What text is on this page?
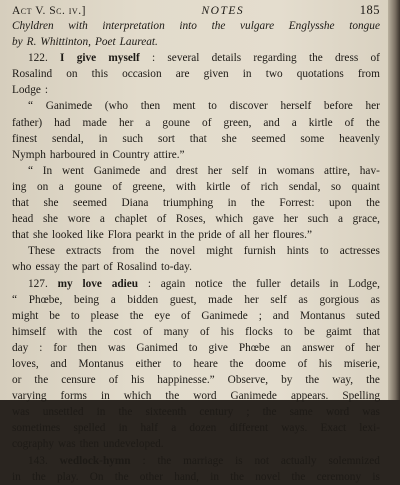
Act V. Sc. iv.]	NOTES	185
Chyldren with interpretation into the vulgare Englysshe tongue
by R. Whittinton, Poet Laureat.
122. I give myself : several details regarding the dress of
Rosalind on this occasion are given in two quotations from
Lodge :
“ Ganimede (who then ment to discover herself before her
father) had made her a goune of green, and a kirtle of the
finest sendal, in such sort that she seemed some heavenly
Nymph harboured in Country attire.”
“ In went Ganimede and drest her self in womans attire, hav-
ing on a goune of greene, with kirtle of rich sendal, so quaint
that she seemed Diana triumphing in the Forrest: upon the
head she wore a chaplet of Roses, which gave her such a grace,
that she looked like Flora pearkt in the pride of all her floures.”
These extracts from the novel might furnish hints to actresses
who essay the part of Rosalind to-day.
127. my love adieu : again notice the fuller details in Lodge,
“ Phœbe, being a bidden guest, made her self as gorgious as
might be to please the eye of Ganimede ; and Montanus suted
himself with the cost of many of his flocks to be gaimt that
day : for then was Ganimed to give Phœbe an answer of her
loves, and Montanus either to heare the doome of his miserie,
or the censure of his happinesse.” Observe, by the way, the
varying forms in which the word Ganimede appears. Spelling
was unsettled in the sixteenth century ; the same word was
sometimes spelled in half a dozen different ways. Exact lexi-
cography was then undeveloped.
143. wedlock-hymn : the marriage is not actually solemnized
in the play. On the other hand, in the novel the ceremony is
